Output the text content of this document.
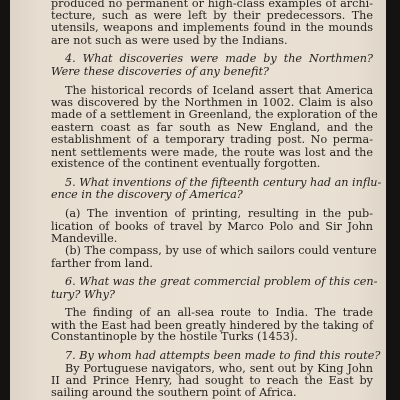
produced no permanent or high-class examples of archi-
tecture, such as were left by their predecessors. The
utensils, weapons and implements found in the mounds
are not such as were used by the Indians.
4. What discoveries were made by the Northmen?
Were these discoveries of any benefit?
The historical records of Iceland assert that America
was discovered by the Northmen in 1002. Claim is also
made of a settlement in Greenland, the exploration of the
eastern coast as far south as New England, and the
establishment of a temporary trading post. No perma-
nent settlements were made, the route was lost and the
existence of the continent eventually forgotten.
5. What inventions of the fifteenth century had an influ-
ence in the discovery of America?
(a) The invention of printing, resulting in the pub-
lication of books of travel by Marco Polo and Sir John
Mandeville.
(b) The compass, by use of which sailors could venture
farther from land.
6. What was the great commercial problem of this cen-
tury? Why?
The finding of an all-sea route to India. The trade
with the East had been greatly hindered by the taking of
Constantinople by the hostile Turks (1453).
7. By whom had attempts been made to find this route?
By Portuguese navigators, who, sent out by King John
II and Prince Henry, had sought to reach the East by
sailing around the southern point of Africa.
